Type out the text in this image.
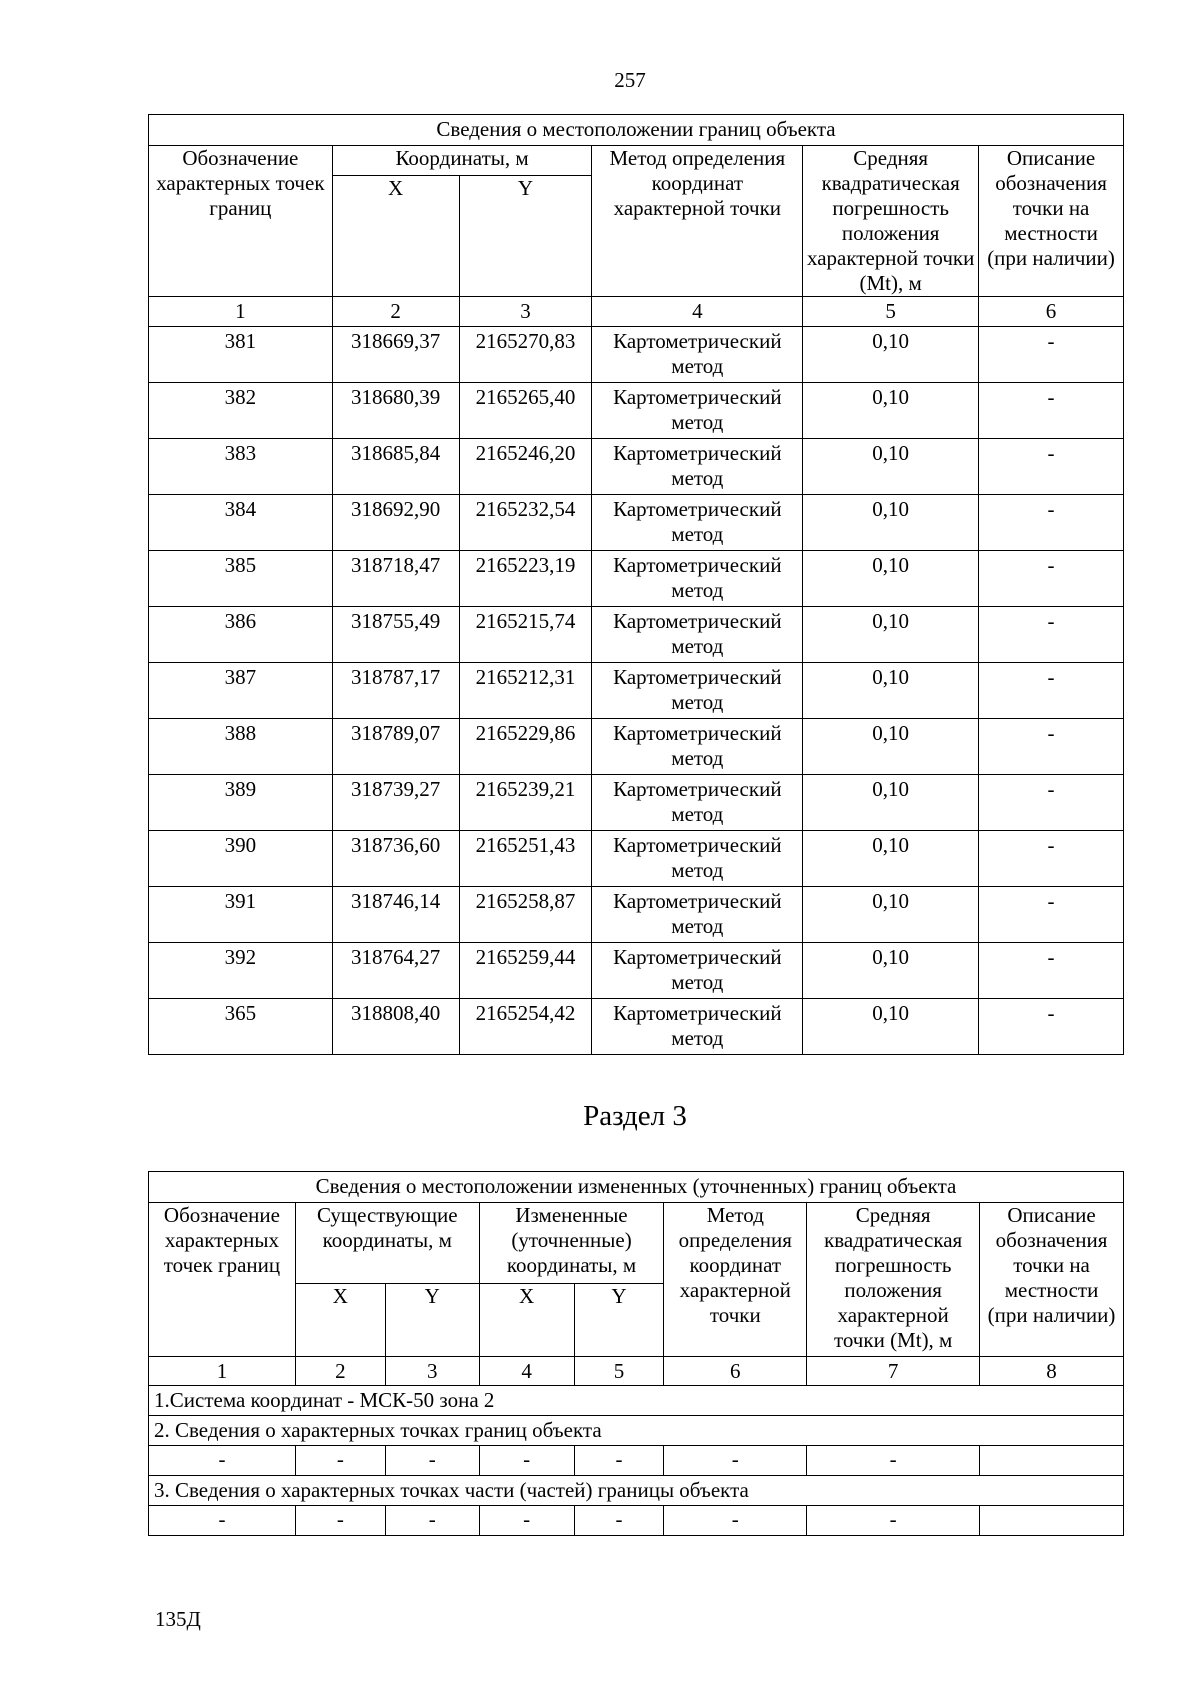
257
Сведения о местоположении границ объекта					
Обозначение характерных точек границ	Координаты, м		Метод определения координат характерной точки	Средняя квадратическая погрешность положения характерной точки (Mt), м	Описание обозначения точки на местности (при наличии)
	X	Y			
1	2	3	4	5	6
381	318669,37	2165270,83	Картометрический метод	0,10	-
382	318680,39	2165265,40	Картометрический метод	0,10	-
383	318685,84	2165246,20	Картометрический метод	0,10	-
384	318692,90	2165232,54	Картометрический метод	0,10	-
385	318718,47	2165223,19	Картометрический метод	0,10	-
386	318755,49	2165215,74	Картометрический метод	0,10	-
387	318787,17	2165212,31	Картометрический метод	0,10	-
388	318789,07	2165229,86	Картометрический метод	0,10	-
389	318739,27	2165239,21	Картометрический метод	0,10	-
390	318736,60	2165251,43	Картометрический метод	0,10	-
391	318746,14	2165258,87	Картометрический метод	0,10	-
392	318764,27	2165259,44	Картометрический метод	0,10	-
365	318808,40	2165254,42	Картометрический метод	0,10	-
Раздел 3
Сведения о местоположении измененных (уточненных) границ объекта							
Обозначение характерных точек границ	Существующие координаты, м		Измененные (уточненные) координаты, м		Метод определения координат характерной точки	Средняя квадратическая погрешность положения характерной точки (Mt), м	Описание обозначения точки на местности (при наличии)
	X	Y	X	Y			
1	2	3	4	5	6	7	8
1.Система координат - МСК-50 зона 2							
2. Сведения о характерных точках границ объекта							
-	-	-	-	-	-	-	
3. Сведения о характерных точках части (частей) границы объекта							
-	-	-	-	-	-	-	
135Д
